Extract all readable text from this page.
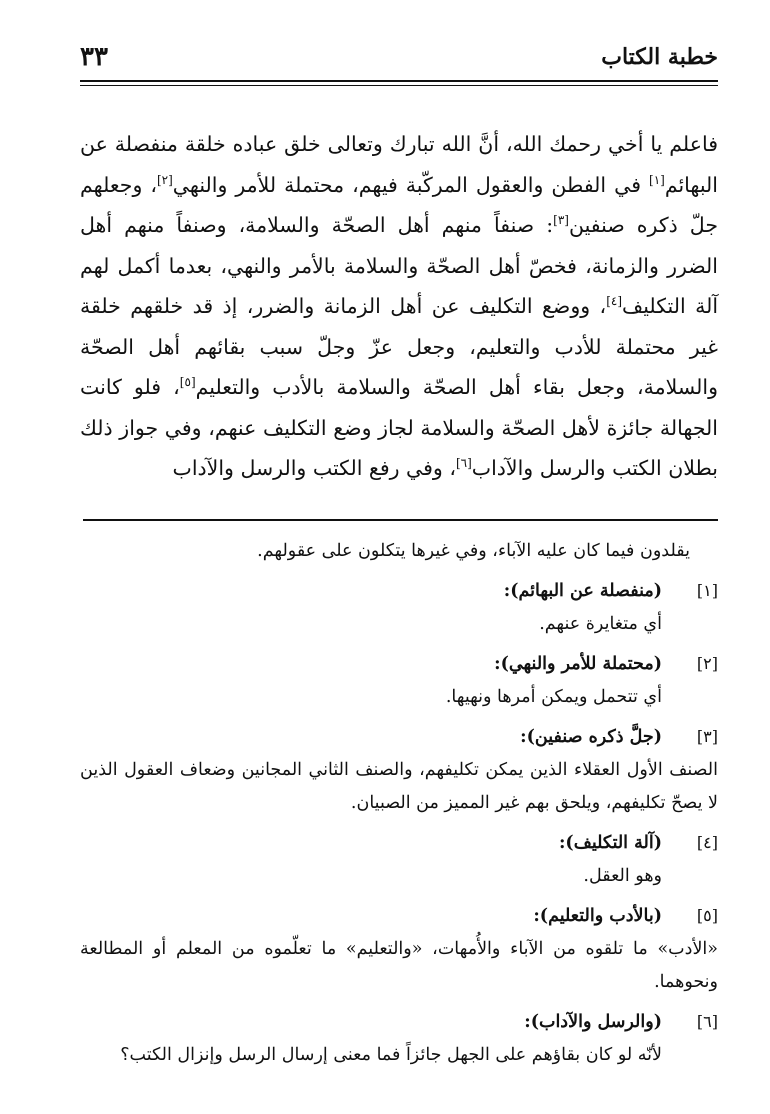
خطبة الكتاب
٣٣
فاعلم يا أخي رحمك الله، أنَّ الله تبارك وتعالى خلق عباده خلقة منفصلة عن البهائم[١] في الفطن والعقول المركّبة فيهم، محتملة للأمر والنهي[٢]، وجعلهم جلّ ذكره صنفين[٣]: صنفاً منهم أهل الصحّة والسلامة، وصنفاً منهم أهل الضرر والزمانة، فخصّ أهل الصحّة والسلامة بالأمر والنهي، بعدما أكمل لهم آلة التكليف[٤]، ووضع التكليف عن أهل الزمانة والضرر، إذ قد خلقهم خلقة غير محتملة للأدب والتعليم، وجعل عزّ وجلّ سبب بقائهم أهل الصحّة والسلامة، وجعل بقاء أهل الصحّة والسلامة بالأدب والتعليم[٥]، فلو كانت الجهالة جائزة لأهل الصحّة والسلامة لجاز وضع التكليف عنهم، وفي جواز ذلك بطلان الكتب والرسل والآداب[٦]، وفي رفع الكتب والرسل والآداب
يقلدون فيما كان عليه الآباء، وفي غيرها يتكلون على عقولهم.
[١]
(منفصلة عن البهائم):
أي متغايرة عنهم.
[٢]
(محتملة للأمر والنهي):
أي تتحمل ويمكن أمرها ونهيها.
[٣]
(جلَّ ذكره صنفين):
الصنف الأول العقلاء الذين يمكن تكليفهم، والصنف الثاني المجانين وضعاف العقول الذين لا يصحّ تكليفهم، ويلحق بهم غير المميز من الصبيان.
[٤]
(آلة التكليف):
وهو العقل.
[٥]
(بالأدب والتعليم):
«الأدب» ما تلقوه من الآباء والأُمهات، «والتعليم» ما تعلّموه من المعلم أو المطالعة ونحوهما.
[٦]
(والرسل والآداب):
لأنّه لو كان بقاؤهم على الجهل جائزاً فما معنى إرسال الرسل وإنزال الكتب؟
